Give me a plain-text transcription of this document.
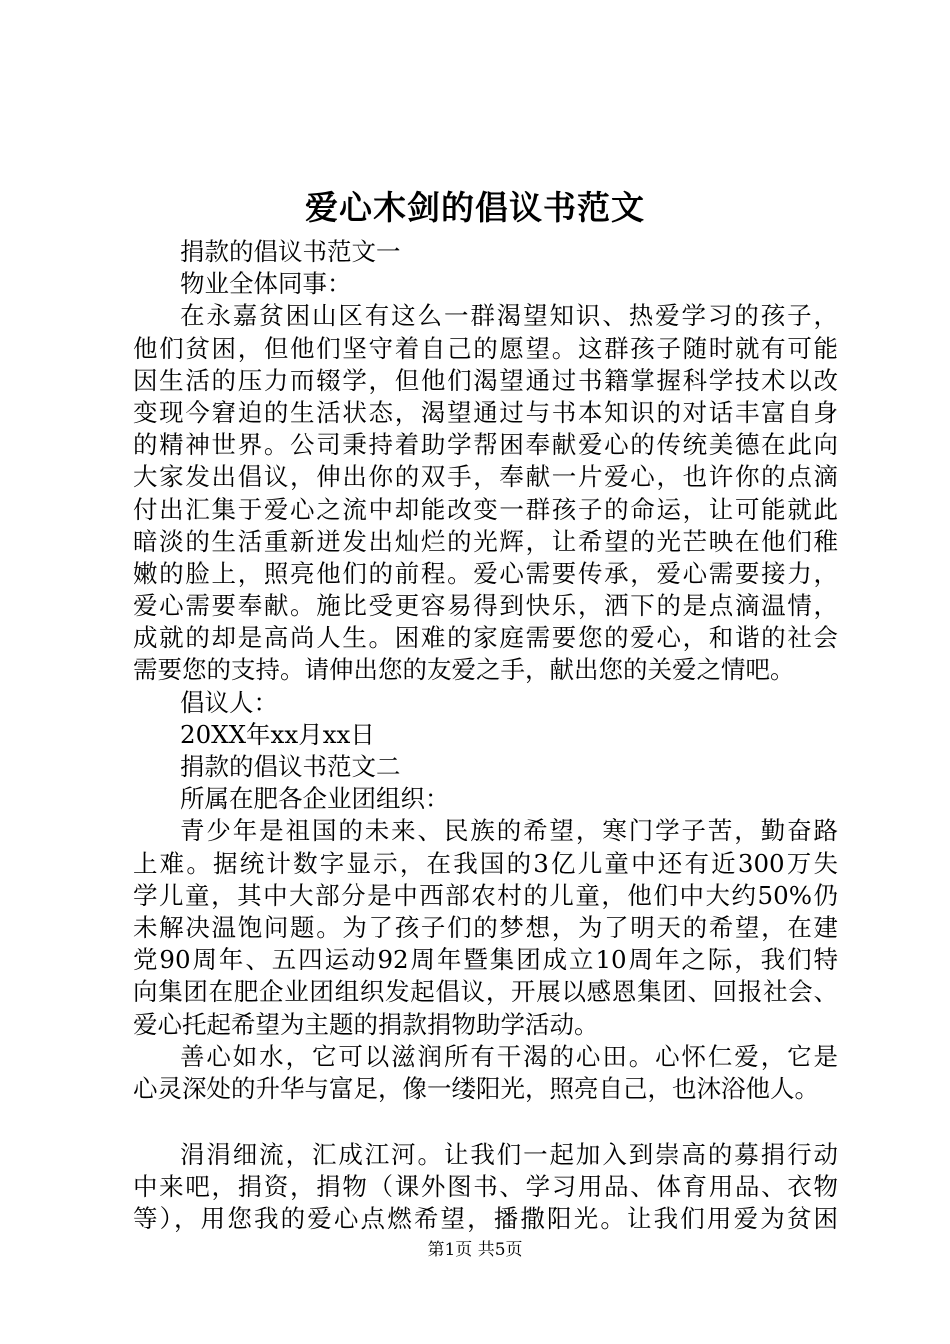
爱心木剑的倡议书范文
捐款的倡议书范文一
物业全体同事：
在永嘉贫困山区有这么一群渴望知识、热爱学习的孩子，
他们贫困，但他们坚守着自己的愿望。这群孩子随时就有可能
因生活的压力而辍学，但他们渴望通过书籍掌握科学技术以改
变现今窘迫的生活状态，渴望通过与书本知识的对话丰富自身
的精神世界。公司秉持着助学帮困奉献爱心的传统美德在此向
大家发出倡议，伸出你的双手，奉献一片爱心，也许你的点滴
付出汇集于爱心之流中却能改变一群孩子的命运，让可能就此
暗淡的生活重新迸发出灿烂的光辉，让希望的光芒映在他们稚
嫩的脸上，照亮他们的前程。爱心需要传承，爱心需要接力，
爱心需要奉献。施比受更容易得到快乐，洒下的是点滴温情，
成就的却是高尚人生。困难的家庭需要您的爱心，和谐的社会
需要您的支持。请伸出您的友爱之手，献出您的关爱之情吧。
倡议人：
20XX年xx月xx日
捐款的倡议书范文二
所属在肥各企业团组织：
青少年是祖国的未来、民族的希望，寒门学子苦，勤奋路
上难。据统计数字显示，在我国的3亿儿童中还有近300万失
学儿童，其中大部分是中西部农村的儿童，他们中大约50%仍
未解决温饱问题。为了孩子们的梦想，为了明天的希望，在建
党90周年、五四运动92周年暨集团成立10周年之际，我们特
向集团在肥企业团组织发起倡议，开展以感恩集团、回报社会、
爱心托起希望为主题的捐款捐物助学活动。
善心如水，它可以滋润所有干渴的心田。心怀仁爱，它是
心灵深处的升华与富足，像一缕阳光，照亮自己，也沐浴他人。
涓涓细流，汇成江河。让我们一起加入到崇高的募捐行动
中来吧，捐资，捐物（课外图书、学习用品、体育用品、衣物
等），用您我的爱心点燃希望，播撒阳光。让我们用爱为贫困
第1页 共5页
